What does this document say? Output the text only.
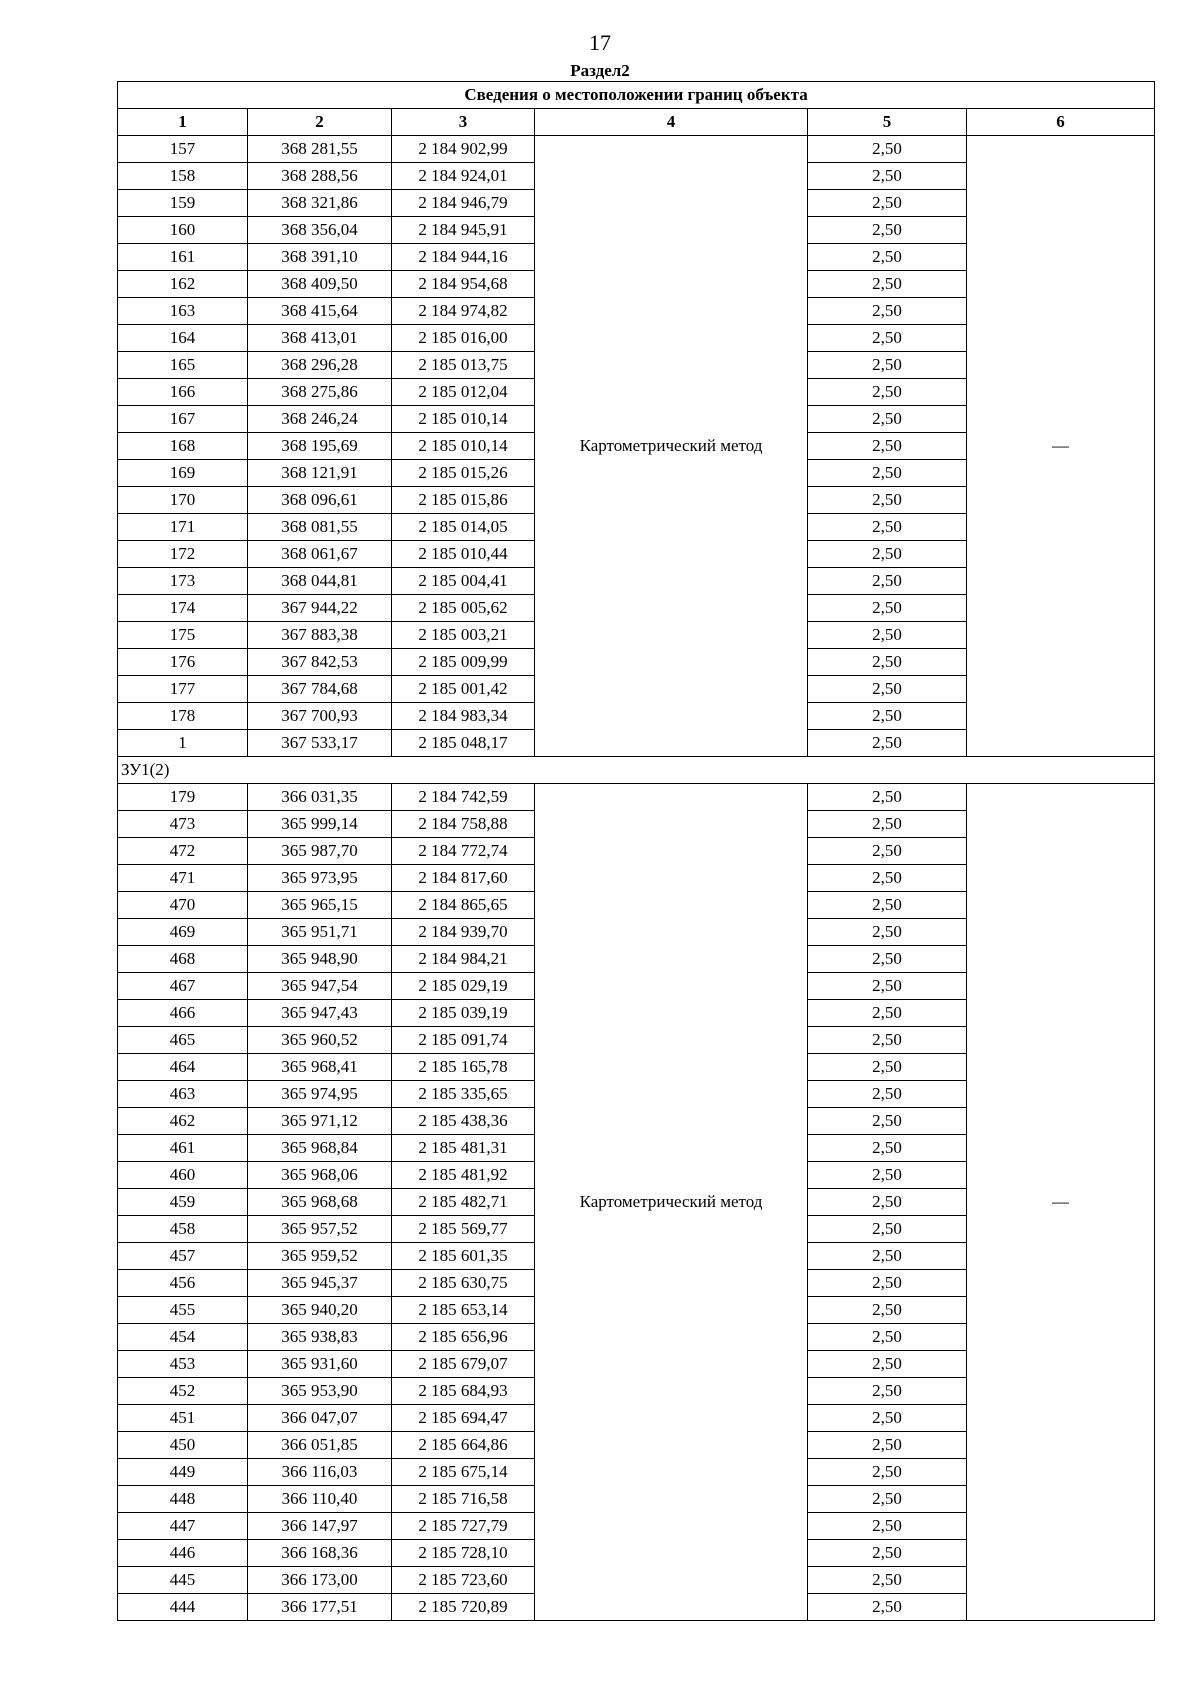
17
Раздел2
Сведения о местоположении границ объекта					
1	2	3	4	5	6
157	368 281,55	2 184 902,99	Картометрический метод	2,50	—
158	368 288,56	2 184 924,01		2,50	
159	368 321,86	2 184 946,79		2,50	
160	368 356,04	2 184 945,91		2,50	
161	368 391,10	2 184 944,16		2,50	
162	368 409,50	2 184 954,68		2,50	
163	368 415,64	2 184 974,82		2,50	
164	368 413,01	2 185 016,00		2,50	
165	368 296,28	2 185 013,75		2,50	
166	368 275,86	2 185 012,04		2,50	
167	368 246,24	2 185 010,14		2,50	
168	368 195,69	2 185 010,14		2,50	
169	368 121,91	2 185 015,26		2,50	
170	368 096,61	2 185 015,86		2,50	
171	368 081,55	2 185 014,05		2,50	
172	368 061,67	2 185 010,44		2,50	
173	368 044,81	2 185 004,41		2,50	
174	367 944,22	2 185 005,62		2,50	
175	367 883,38	2 185 003,21		2,50	
176	367 842,53	2 185 009,99		2,50	
177	367 784,68	2 185 001,42		2,50	
178	367 700,93	2 184 983,34		2,50	
1	367 533,17	2 185 048,17		2,50	
ЗУ1(2)					
179	366 031,35	2 184 742,59	Картометрический метод	2,50	—
473	365 999,14	2 184 758,88		2,50	
472	365 987,70	2 184 772,74		2,50	
471	365 973,95	2 184 817,60		2,50	
470	365 965,15	2 184 865,65		2,50	
469	365 951,71	2 184 939,70		2,50	
468	365 948,90	2 184 984,21		2,50	
467	365 947,54	2 185 029,19		2,50	
466	365 947,43	2 185 039,19		2,50	
465	365 960,52	2 185 091,74		2,50	
464	365 968,41	2 185 165,78		2,50	
463	365 974,95	2 185 335,65		2,50	
462	365 971,12	2 185 438,36		2,50	
461	365 968,84	2 185 481,31		2,50	
460	365 968,06	2 185 481,92		2,50	
459	365 968,68	2 185 482,71		2,50	
458	365 957,52	2 185 569,77		2,50	
457	365 959,52	2 185 601,35		2,50	
456	365 945,37	2 185 630,75		2,50	
455	365 940,20	2 185 653,14		2,50	
454	365 938,83	2 185 656,96		2,50	
453	365 931,60	2 185 679,07		2,50	
452	365 953,90	2 185 684,93		2,50	
451	366 047,07	2 185 694,47		2,50	
450	366 051,85	2 185 664,86		2,50	
449	366 116,03	2 185 675,14		2,50	
448	366 110,40	2 185 716,58		2,50	
447	366 147,97	2 185 727,79		2,50	
446	366 168,36	2 185 728,10		2,50	
445	366 173,00	2 185 723,60		2,50	
444	366 177,51	2 185 720,89		2,50	
